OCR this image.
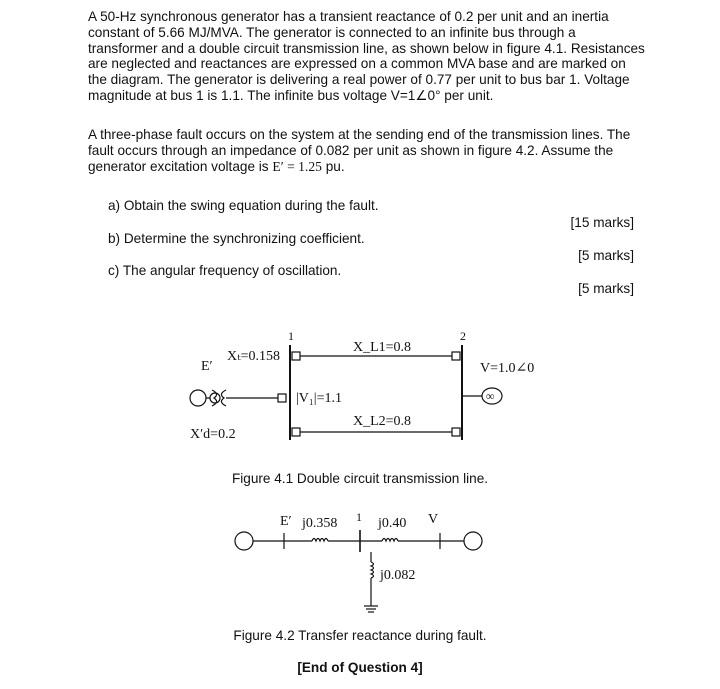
A 50-Hz synchronous generator has a transient reactance of 0.2 per unit and an inertia constant of 5.66 MJ/MVA. The generator is connected to an infinite bus through a transformer and a double circuit transmission line, as shown below in figure 4.1. Resistances are neglected and reactances are expressed on a common MVA base and are marked on the diagram. The generator is delivering a real power of 0.77 per unit to bus bar 1. Voltage magnitude at bus 1 is 1.1. The infinite bus voltage V=1∠0° per unit.
A three-phase fault occurs on the system at the sending end of the transmission lines. The fault occurs through an impedance of 0.082 per unit as shown in figure 4.2. Assume the generator excitation voltage is E′ = 1.25 pu.
a) Obtain the swing equation during the fault.
b) Determine the synchronizing coefficient.
c) The angular frequency of oscillation.
[15 marks]
[5 marks]
[5 marks]
1	2
E′
Xₜ=0.158
X′d=0.2
|V₁|=1.1
X_L1=0.8
X_L2=0.8
V=1.0∠0
∞
E′ j0.358 1 j0.40 V
j0.082
Figure 4.1 Double circuit transmission line.
Figure 4.2 Transfer reactance during fault.
[End of Question 4]
